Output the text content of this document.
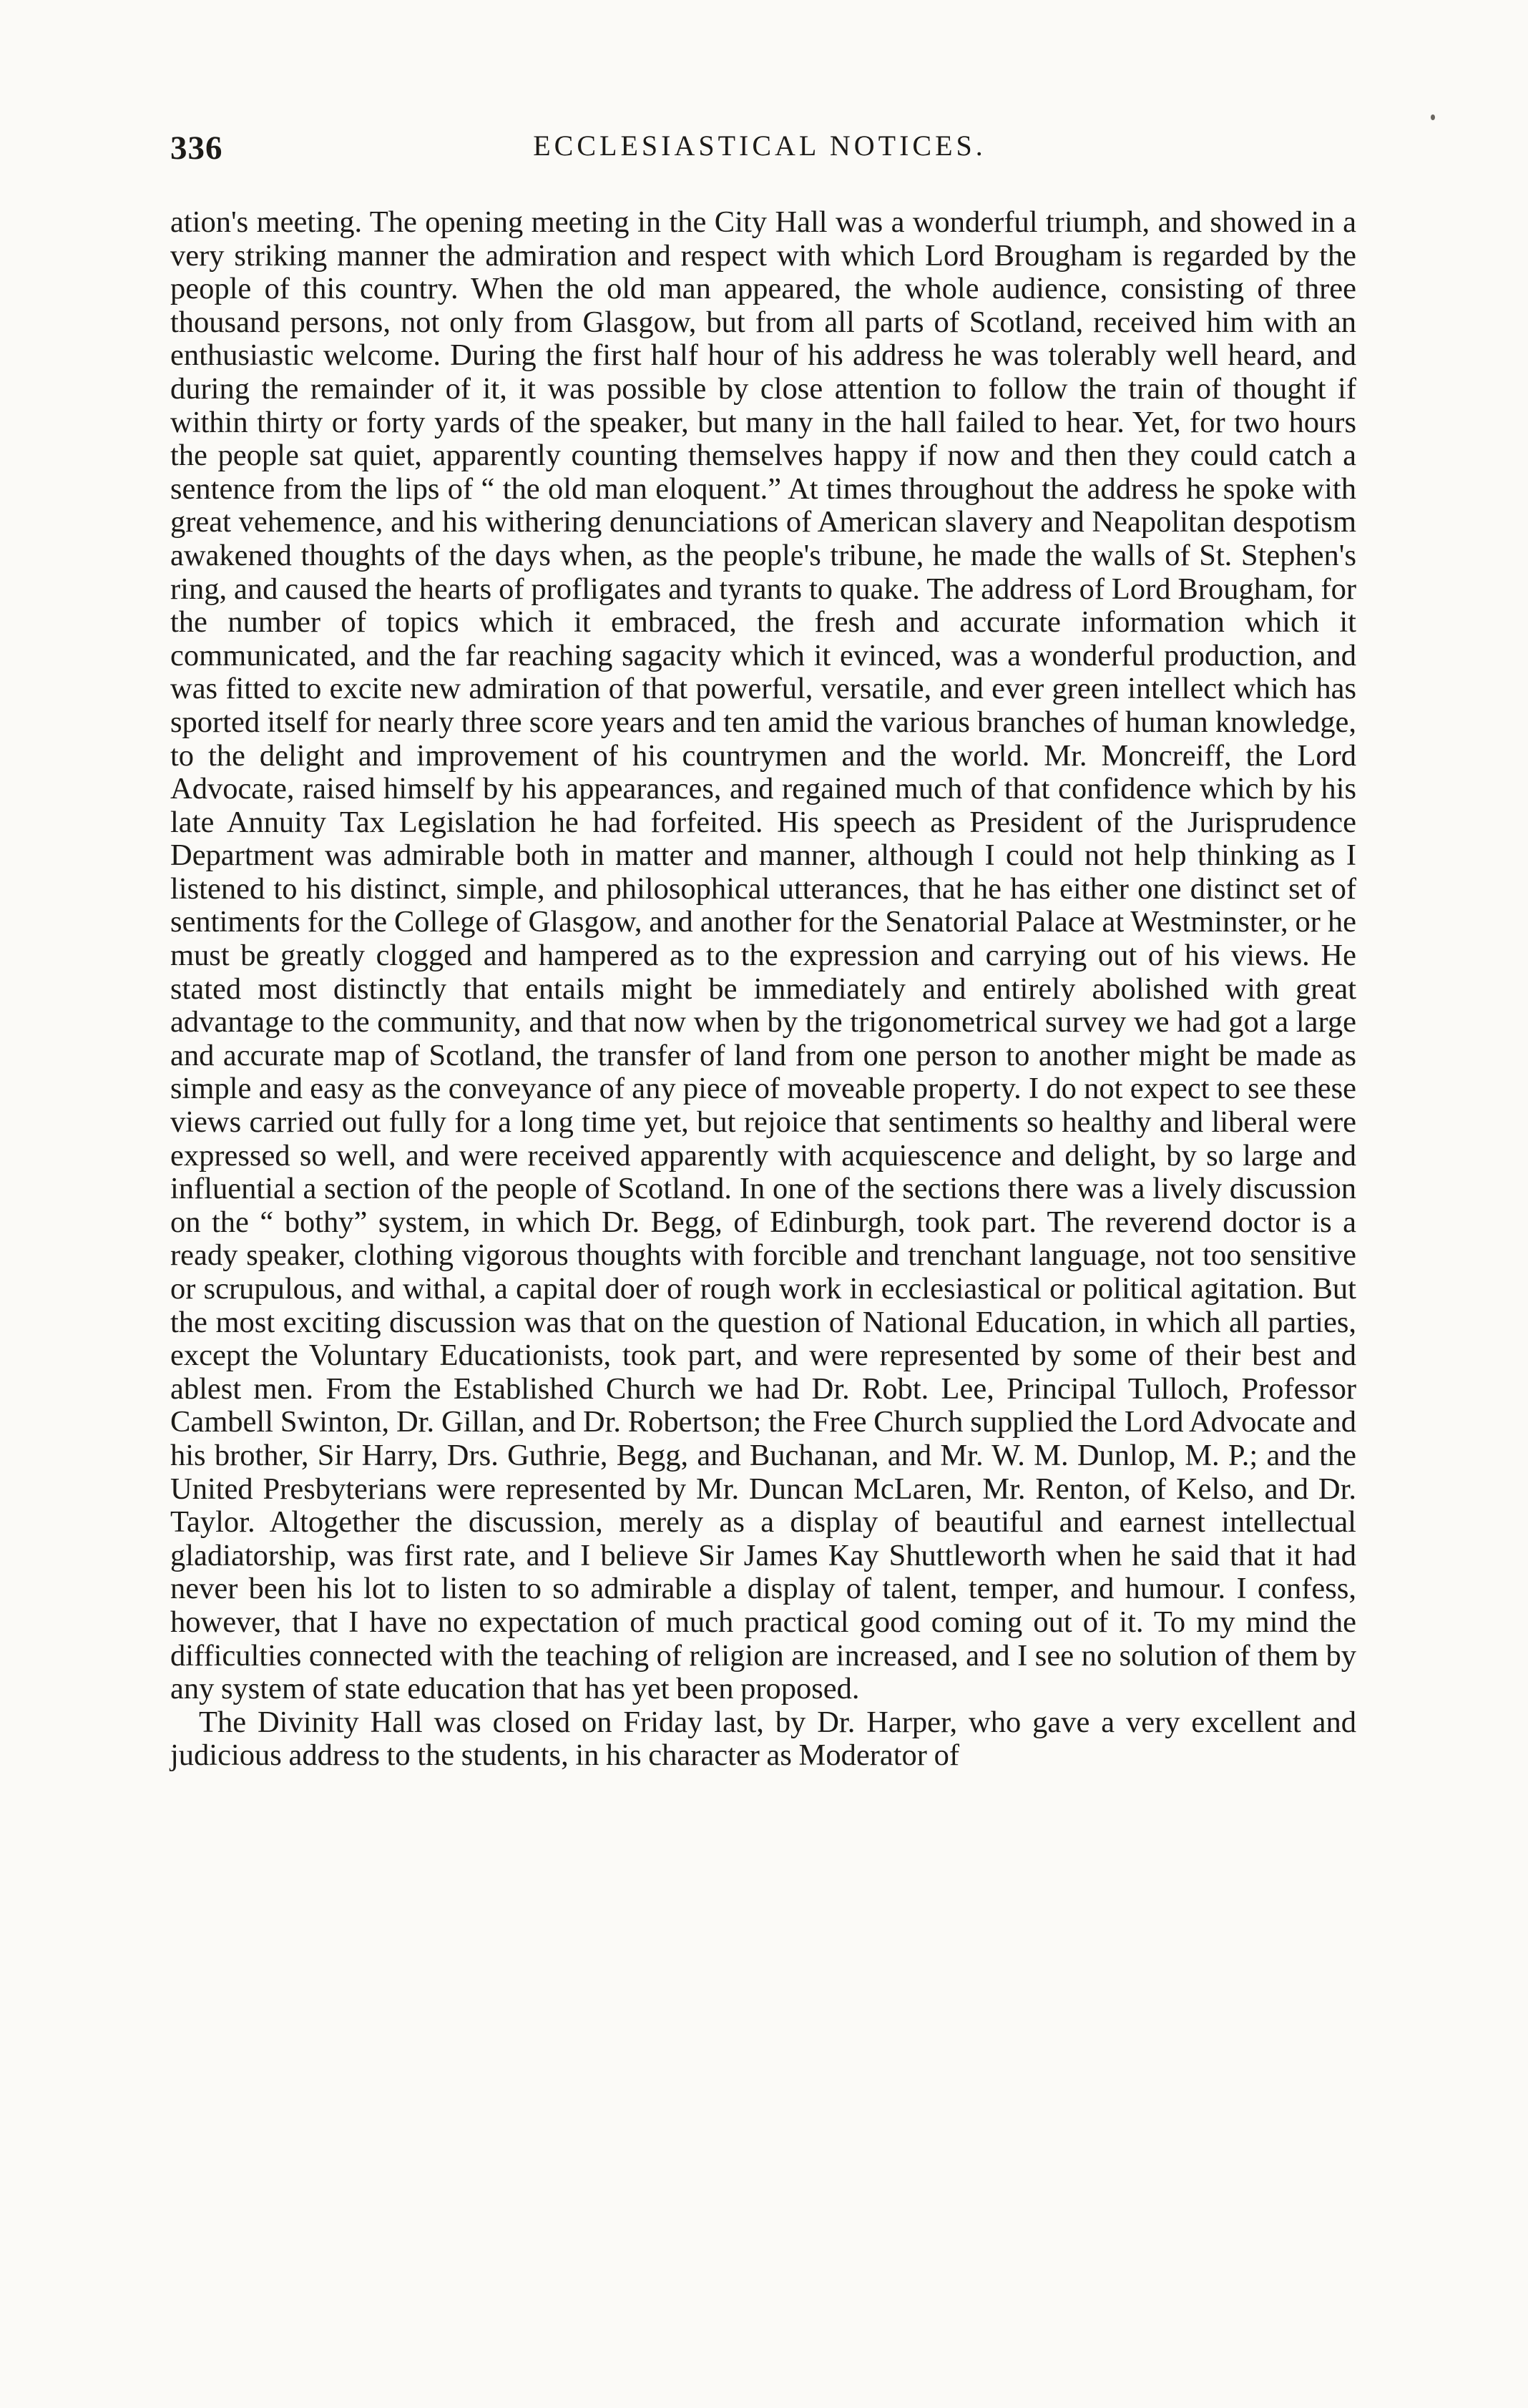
336	ECCLESIASTICAL NOTICES.

ation's meeting. The opening meeting in the City Hall was a wonderful triumph, and showed in a very striking manner the admiration and respect with which Lord Brougham is regarded by the people of this country. When the old man appeared, the whole audience, consisting of three thousand persons, not only from Glasgow, but from all parts of Scotland, received him with an enthusiastic welcome. During the first half hour of his address he was tolerably well heard, and during the remainder of it, it was possible by close attention to follow the train of thought if within thirty or forty yards of the speaker, but many in the hall failed to hear. Yet, for two hours the people sat quiet, apparently counting themselves happy if now and then they could catch a sentence from the lips of “ the old man eloquent.” At times throughout the address he spoke with great vehemence, and his withering denunciations of American slavery and Neapolitan despotism awakened thoughts of the days when, as the people's tribune, he made the walls of St. Stephen's ring, and caused the hearts of profligates and tyrants to quake. The address of Lord Brougham, for the number of topics which it embraced, the fresh and accurate information which it communicated, and the far reaching sagacity which it evinced, was a wonderful production, and was fitted to excite new admiration of that powerful, versatile, and ever green intellect which has sported itself for nearly three score years and ten amid the various branches of human knowledge, to the delight and improvement of his countrymen and the world. Mr. Moncreiff, the Lord Advocate, raised himself by his appearances, and regained much of that confidence which by his late Annuity Tax Legislation he had forfeited. His speech as President of the Jurisprudence Department was admirable both in matter and manner, although I could not help thinking as I listened to his distinct, simple, and philosophical utterances, that he has either one distinct set of sentiments for the College of Glasgow, and another for the Senatorial Palace at Westminster, or he must be greatly clogged and hampered as to the expression and carrying out of his views. He stated most distinctly that entails might be immediately and entirely abolished with great advantage to the community, and that now when by the trigonometrical survey we had got a large and accurate map of Scotland, the transfer of land from one person to another might be made as simple and easy as the conveyance of any piece of moveable property. I do not expect to see these views carried out fully for a long time yet, but rejoice that sentiments so healthy and liberal were expressed so well, and were received apparently with acquiescence and delight, by so large and influential a section of the people of Scotland. In one of the sections there was a lively discussion on the “ bothy” system, in which Dr. Begg, of Edinburgh, took part. The reverend doctor is a ready speaker, clothing vigorous thoughts with forcible and trenchant language, not too sensitive or scrupulous, and withal, a capital doer of rough work in ecclesiastical or political agitation. But the most exciting discussion was that on the question of National Education, in which all parties, except the Voluntary Educationists, took part, and were represented by some of their best and ablest men. From the Established Church we had Dr. Robt. Lee, Principal Tulloch, Professor Cambell Swinton, Dr. Gillan, and Dr. Robertson; the Free Church supplied the Lord Advocate and his brother, Sir Harry, Drs. Guthrie, Begg, and Buchanan, and Mr. W. M. Dunlop, M. P.; and the United Presbyterians were represented by Mr. Duncan McLaren, Mr. Renton, of Kelso, and Dr. Taylor. Altogether the discussion, merely as a display of beautiful and earnest intellectual gladiatorship, was first rate, and I believe Sir James Kay Shuttleworth when he said that it had never been his lot to listen to so admirable a display of talent, temper, and humour. I confess, however, that I have no expectation of much practical good coming out of it. To my mind the difficulties connected with the teaching of religion are increased, and I see no solution of them by any system of state education that has yet been proposed.

The Divinity Hall was closed on Friday last, by Dr. Harper, who gave a very excellent and judicious address to the students, in his character as Moderator of
